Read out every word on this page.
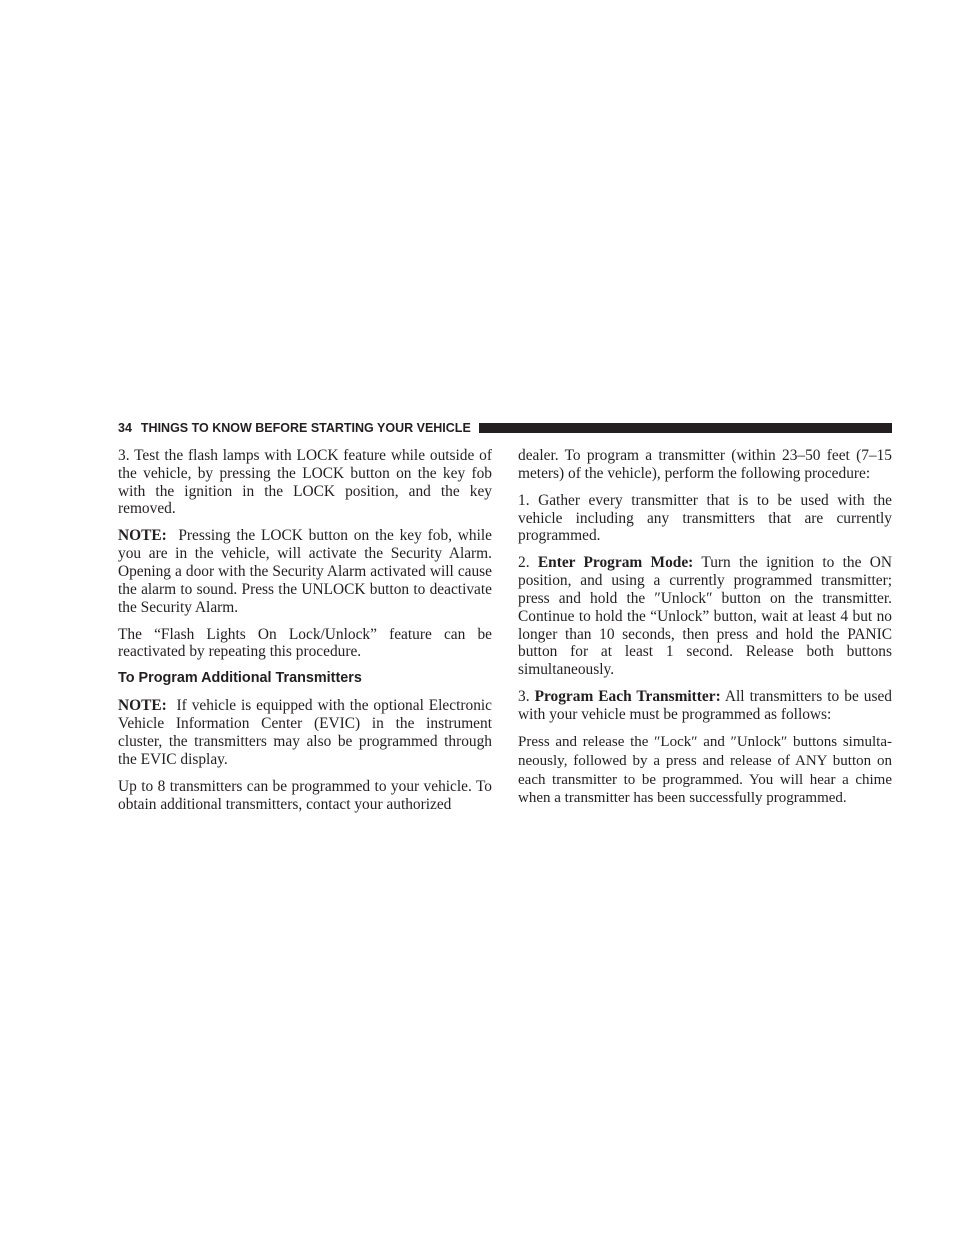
34 THINGS TO KNOW BEFORE STARTING YOUR VEHICLE

3. Test the flash lamps with LOCK feature while outside of the vehicle, by pressing the LOCK button on the key fob with the ignition in the LOCK position, and the key removed.

NOTE: Pressing the LOCK button on the key fob, while you are in the vehicle, will activate the Security Alarm. Opening a door with the Security Alarm activated will cause the alarm to sound. Press the UNLOCK button to deactivate the Security Alarm.

The “Flash Lights On Lock/Unlock” feature can be reactivated by repeating this procedure.

To Program Additional Transmitters

NOTE: If vehicle is equipped with the optional Electronic Vehicle Information Center (EVIC) in the instrument cluster, the transmitters may also be programmed through the EVIC display.

Up to 8 transmitters can be programmed to your vehicle. To obtain additional transmitters, contact your authorized

dealer. To program a transmitter (within 23–50 feet (7–15 meters) of the vehicle), perform the following procedure:

1. Gather every transmitter that is to be used with the vehicle including any transmitters that are currently programmed.

2. Enter Program Mode: Turn the ignition to the ON position, and using a currently programmed transmitter; press and hold the ″Unlock″ button on the transmitter. Continue to hold the “Unlock” button, wait at least 4 but no longer than 10 seconds, then press and hold the PANIC button for at least 1 second. Release both buttons simultaneously.

3. Program Each Transmitter: All transmitters to be used with your vehicle must be programmed as follows:

Press and release the ″Lock″ and ″Unlock″ buttons simultaneously, followed by a press and release of ANY button on each transmitter to be programmed. You will hear a chime when a transmitter has been successfully programmed.
